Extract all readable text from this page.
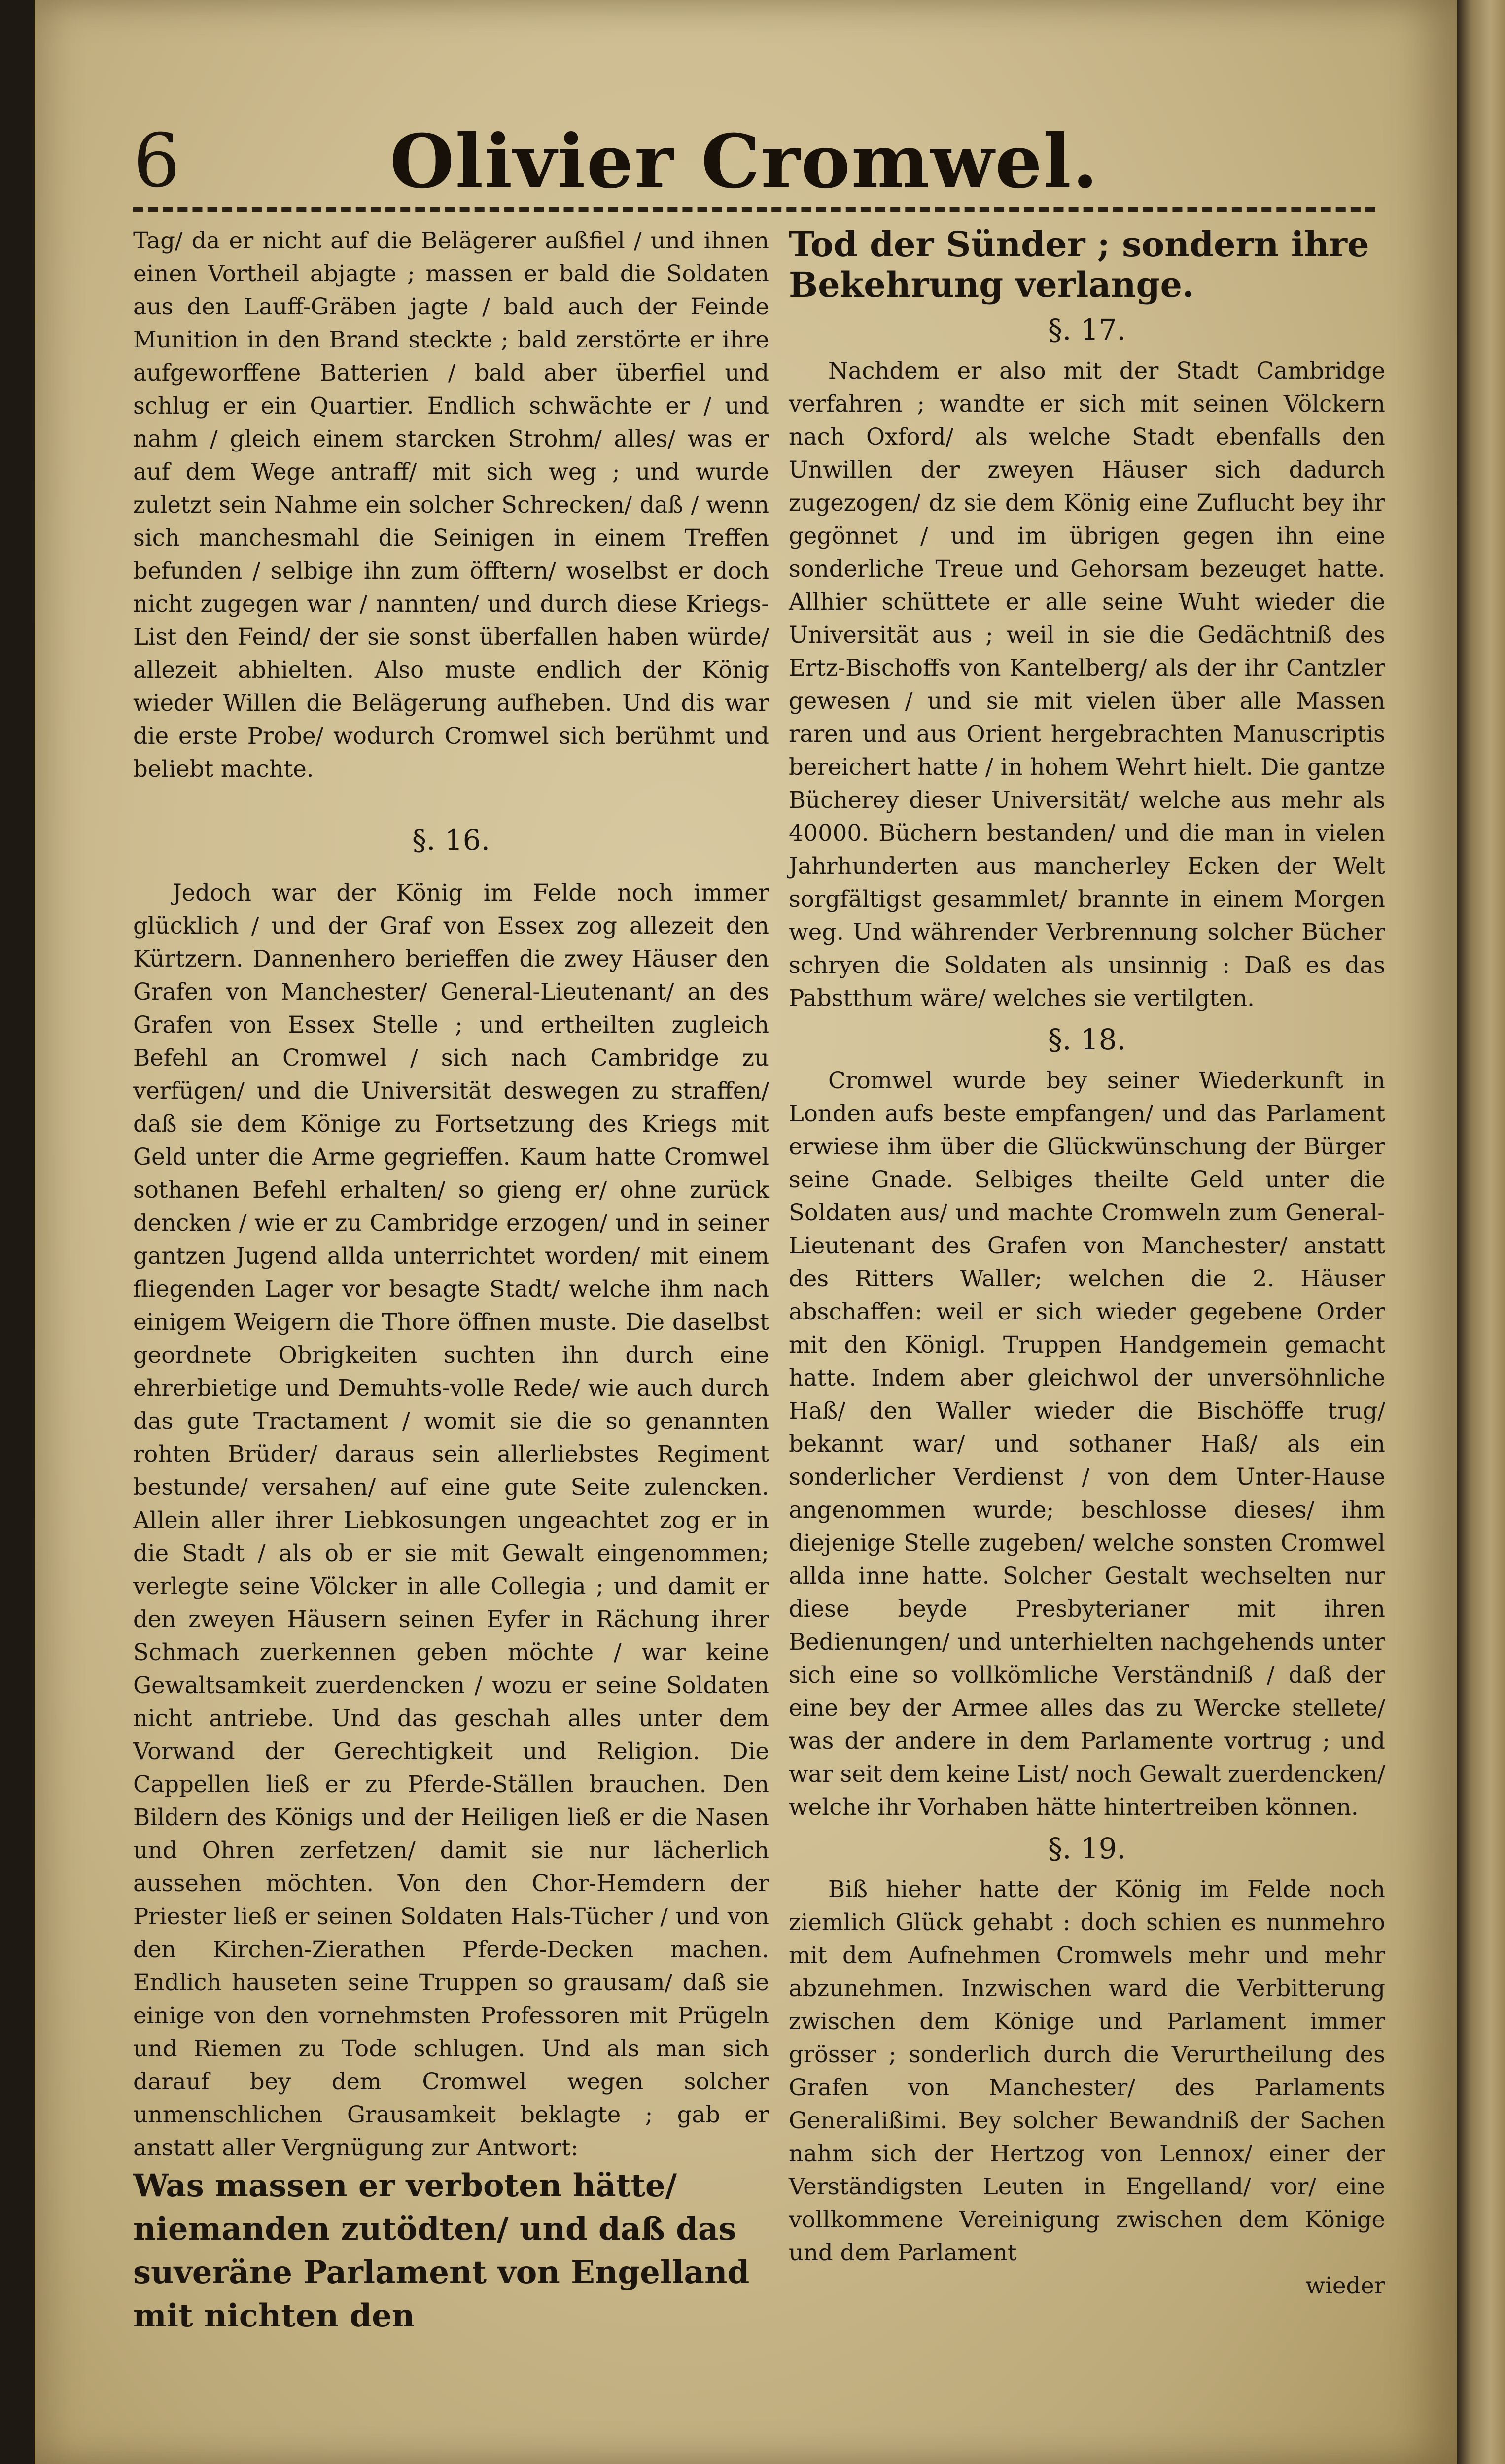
6	Olivier Cromwel.

Tag/ da er nicht auf die Belägerer außfiel / und ihnen einen Vortheil abjagte ; massen er bald die Soldaten aus den Lauff-Gräben jagte / bald auch der Feinde Munition in den Brand steckte ; bald zerstörte er ihre aufgeworffene Batterien / bald aber überfiel und schlug er ein Quartier. Endlich schwächte er / und nahm / gleich einem starcken Strohm/ alles/ was er auf dem Wege antraff/ mit sich weg ; und wurde zuletzt sein Nahme ein solcher Schrecken/ daß / wenn sich manchesmahl die Seinigen in einem Treffen befunden / selbige ihn zum öfftern/ woselbst er doch nicht zugegen war / nannten/ und durch diese Kriegs-List den Feind/ der sie sonst überfallen haben würde/ allezeit abhielten. Also muste endlich der König wieder Willen die Belägerung aufheben. Und dis war die erste Probe/ wodurch Cromwel sich berühmt und beliebt machte.

§. 16.

Jedoch war der König im Felde noch immer glücklich / und der Graf von Essex zog allezeit den Kürtzern. Dannenhero berieffen die zwey Häuser den Grafen von Manchester/ General-Lieutenant/ an des Grafen von Essex Stelle ; und ertheilten zugleich Befehl an Cromwel / sich nach Cambridge zu verfügen/ und die Universität deswegen zu straffen/ daß sie dem Könige zu Fortsetzung des Kriegs mit Geld unter die Arme gegrieffen. Kaum hatte Cromwel sothanen Befehl erhalten/ so gieng er/ ohne zurück dencken / wie er zu Cambridge erzogen/ und in seiner gantzen Jugend allda unterrichtet worden/ mit einem fliegenden Lager vor besagte Stadt/ welche ihm nach einigem Weigern die Thore öffnen muste. Die daselbst geordnete Obrigkeiten suchten ihn durch eine ehrerbietige und Demuhts-volle Rede/ wie auch durch das gute Tractament / womit sie die so genannten rohten Brüder/ daraus sein allerliebstes Regiment bestunde/ versahen/ auf eine gute Seite zulencken. Allein aller ihrer Liebkosungen ungeachtet zog er in die Stadt / als ob er sie mit Gewalt eingenommen; verlegte seine Völcker in alle Collegia ; und damit er den zweyen Häusern seinen Eyfer in Rächung ihrer Schmach zuerkennen geben möchte / war keine Gewaltsamkeit zuerdencken / wozu er seine Soldaten nicht antriebe. Und das geschah alles unter dem Vorwand der Gerechtigkeit und Religion. Die Cappellen ließ er zu Pferde-Ställen brauchen. Den Bildern des Königs und der Heiligen ließ er die Nasen und Ohren zerfetzen/ damit sie nur lächerlich aussehen möchten. Von den Chor-Hemdern der Priester ließ er seinen Soldaten Hals-Tücher / und von den Kirchen-Zierathen Pferde-Decken machen. Endlich hauseten seine Truppen so grausam/ daß sie einige von den vornehmsten Professoren mit Prügeln und Riemen zu Tode schlugen. Und als man sich darauf bey dem Cromwel wegen solcher unmenschlichen Grausamkeit beklagte ; gab er anstatt aller Vergnügung zur Antwort:

Was massen er verboten hätte/ niemanden zutödten/ und daß das suveräne Parlament von Engelland mit nichten den

Tod der Sünder ; sondern ihre Bekehrung verlange.

§. 17.

Nachdem er also mit der Stadt Cambridge verfahren ; wandte er sich mit seinen Völckern nach Oxford/ als welche Stadt ebenfalls den Unwillen der zweyen Häuser sich dadurch zugezogen/ dz sie dem König eine Zuflucht bey ihr gegönnet / und im übrigen gegen ihn eine sonderliche Treue und Gehorsam bezeuget hatte. Allhier schüttete er alle seine Wuht wieder die Universität aus ; weil in sie die Gedächtniß des Ertz-Bischoffs von Kantelberg/ als der ihr Cantzler gewesen / und sie mit vielen über alle Massen raren und aus Orient hergebrachten Manuscriptis bereichert hatte / in hohem Wehrt hielt. Die gantze Bücherey dieser Universität/ welche aus mehr als 40000. Büchern bestanden/ und die man in vielen Jahrhunderten aus mancherley Ecken der Welt sorgfältigst gesammlet/ brannte in einem Morgen weg. Und währender Verbrennung solcher Bücher schryen die Soldaten als unsinnig : Daß es das Pabstthum wäre/ welches sie vertilgten.

§. 18.

Cromwel wurde bey seiner Wiederkunft in Londen aufs beste empfangen/ und das Parlament erwiese ihm über die Glückwünschung der Bürger seine Gnade. Selbiges theilte Geld unter die Soldaten aus/ und machte Cromweln zum General-Lieutenant des Grafen von Manchester/ anstatt des Ritters Waller; welchen die 2. Häuser abschaffen: weil er sich wieder gegebene Order mit den Königl. Truppen Handgemein gemacht hatte. Indem aber gleichwol der unversöhnliche Haß/ den Waller wieder die Bischöffe trug/ bekannt war/ und sothaner Haß/ als ein sonderlicher Verdienst / von dem Unter-Hause angenommen wurde; beschlosse dieses/ ihm diejenige Stelle zugeben/ welche sonsten Cromwel allda inne hatte. Solcher Gestalt wechselten nur diese beyde Presbyterianer mit ihren Bedienungen/ und unterhielten nachgehends unter sich eine so vollkömliche Verständniß / daß der eine bey der Armee alles das zu Wercke stellete/ was der andere in dem Parlamente vortrug ; und war seit dem keine List/ noch Gewalt zuerdencken/ welche ihr Vorhaben hätte hintertreiben können.

§. 19.

Biß hieher hatte der König im Felde noch ziemlich Glück gehabt : doch schien es nunmehro mit dem Aufnehmen Cromwels mehr und mehr abzunehmen. Inzwischen ward die Verbitterung zwischen dem Könige und Parlament immer grösser ; sonderlich durch die Verurtheilung des Grafen von Manchester/ des Parlaments Generalißimi. Bey solcher Bewandniß der Sachen nahm sich der Hertzog von Lennox/ einer der Verständigsten Leuten in Engelland/ vor/ eine vollkommene Vereinigung zwischen dem Könige und dem Parlament

wieder
